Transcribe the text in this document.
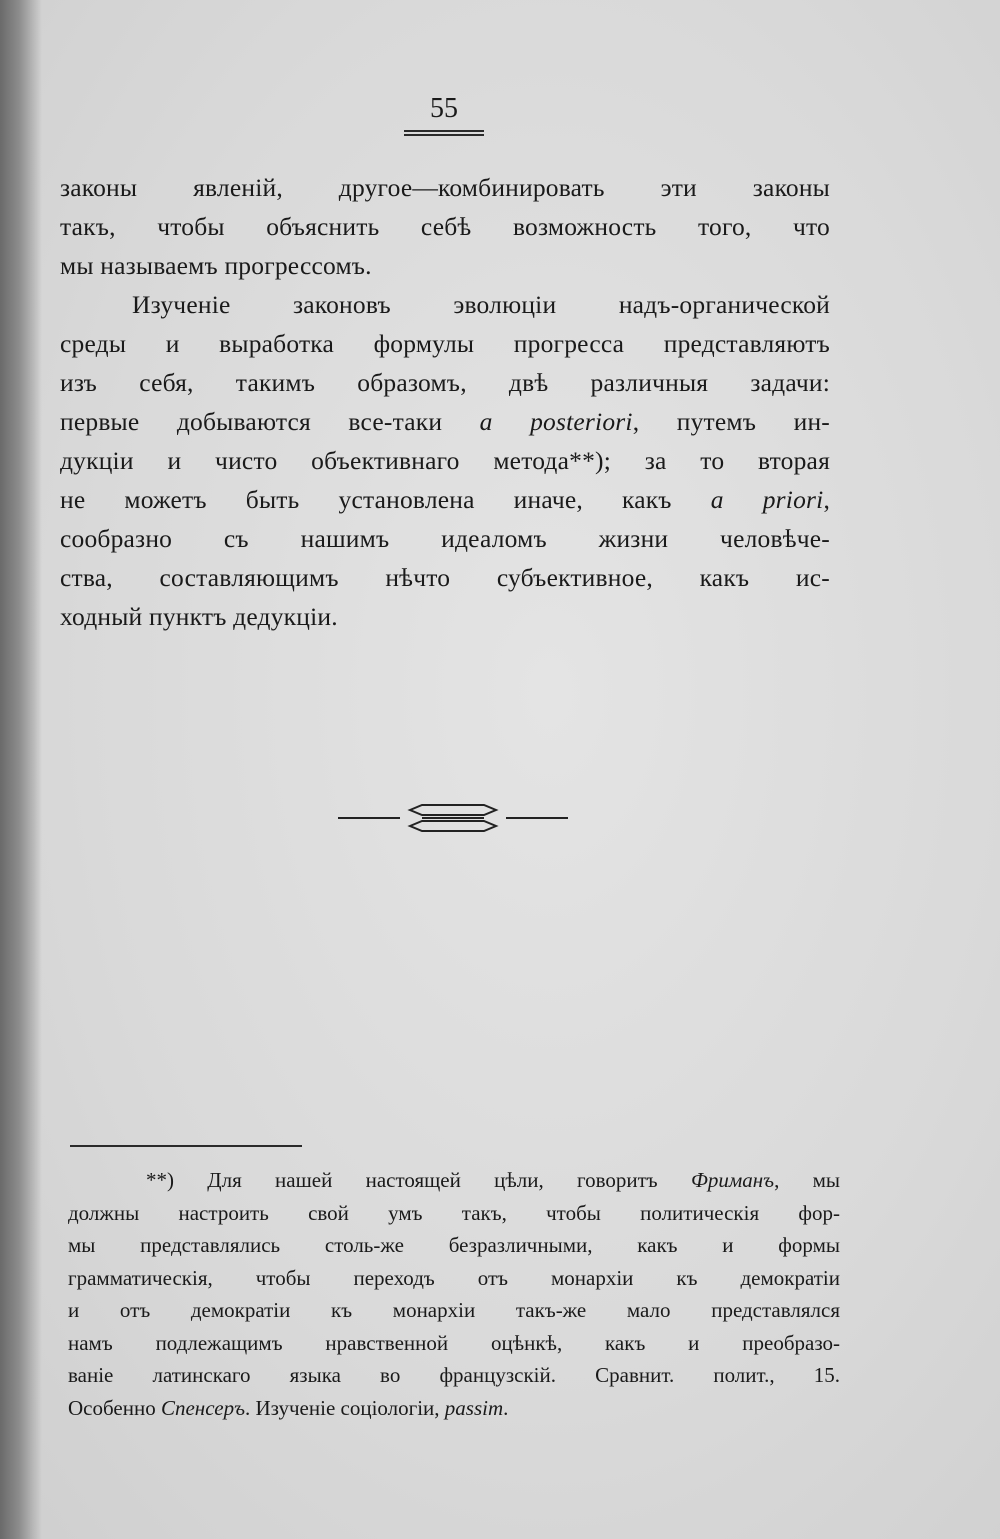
55

законы явленій, другое—комбинировать эти законы
такъ, чтобы объяснить себѣ возможность того, что
мы называемъ прогрессомъ.

Изученіе законовъ эволюціи надъ-органической
среды и выработка формулы прогресса представляютъ
изъ себя, такимъ образомъ, двѣ различныя задачи:
первые добываются все-таки a posteriori, путемъ ин-
дукціи и чисто объективнаго метода**); за то вторая
не можетъ быть установлена иначе, какъ a priori,
сообразно съ нашимъ идеаломъ жизни человѣче-
ства, составляющимъ нѣчто субъективное, какъ ис-
ходный пунктъ дедукціи.

**) Для нашей настоящей цѣли, говоритъ Фриманъ, мы
должны настроить свой умъ такъ, чтобы политическія фор-
мы представлялись столь-же безразличными, какъ и формы
грамматическія, чтобы переходъ отъ монархіи къ демократіи
и отъ демократіи къ монархіи такъ-же мало представлялся
намъ подлежащимъ нравственной оцѣнкѣ, какъ и преобразо-
ваніе латинскаго языка во французскій. Сравнит. полит., 15.
Особенно Спенсеръ. Изученіе соціологіи, passim.
